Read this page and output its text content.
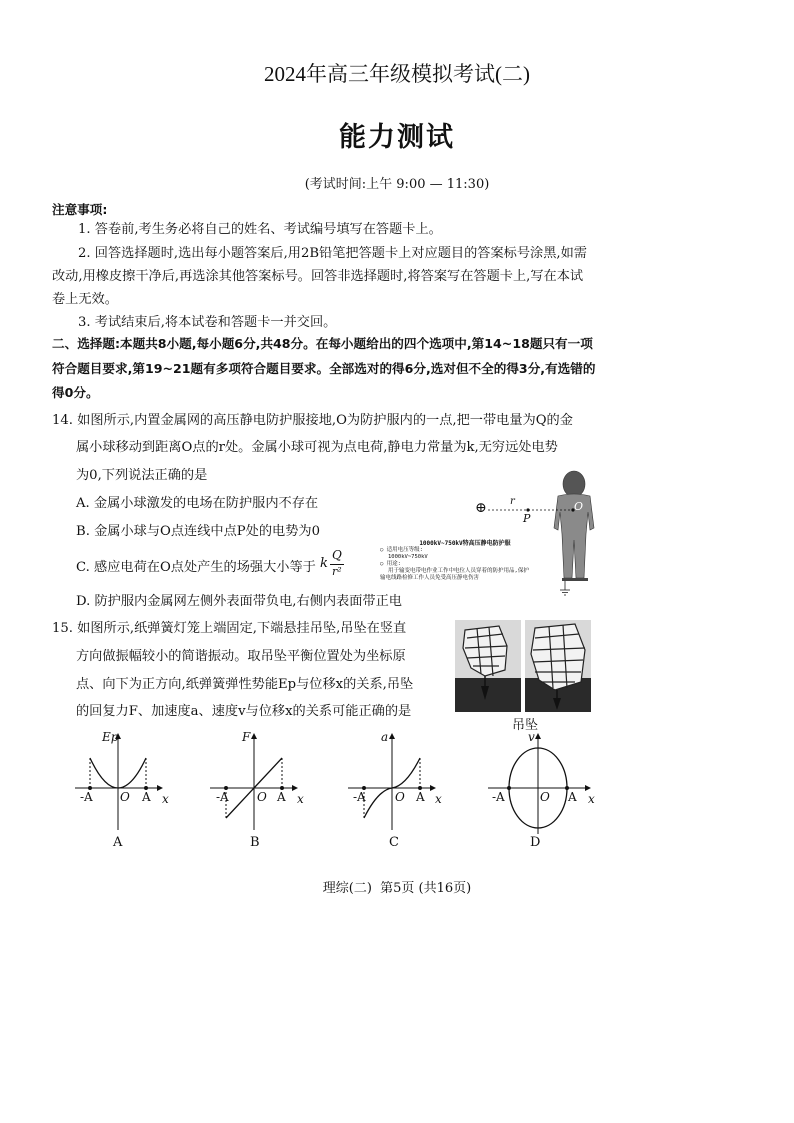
2024年高三年级模拟考试(二)
能力测试
(考试时间:上午 9:00 — 11:30)
注意事项:
1. 答卷前,考生务必将自己的姓名、考试编号填写在答题卡上。
2. 回答选择题时,选出每小题答案后,用2B铅笔把答题卡上对应题目的答案标号涂黑,如需改动,用橡皮擦干净后,再选涂其他答案标号。回答非选择题时,将答案写在答题卡上,写在本试卷上无效。
3. 考试结束后,将本试卷和答题卡一并交回。
二、选择题:本题共8小题,每小题6分,共48分。在每小题给出的四个选项中,第14~18题只有一项符合题目要求,第19~21题有多项符合题目要求。全部选对的得6分,选对但不全的得3分,有选错的得0分。
14. 如图所示,内置金属网的高压静电防护服接地,O为防护服内的一点,把一带电量为Q的金
属小球移动到距离O点的r处。金属小球可视为点电荷,静电力常量为k,无穷远处电势
为0,下列说法正确的是
A. 金属小球激发的电场在防护服内不存在
B. 金属小球与O点连线中点P处的电势为0
C. 感应电荷在O点处产生的场强大小等于 k
Q
r²
D. 防护服内金属网左侧外表面带负电,右侧内表面带正电
⊕ r
P
O
1000kV~750kV特高压静电防护服
○ 适用电压等级:
1000kV~750kV
○ 用途:
用于输变电带电作业工作中电位人员穿着的防护用品,保护
输电线路检修工作人员免受高压静电伤害
15. 如图所示,纸弹簧灯笼上端固定,下端悬挂吊坠,吊坠在竖直
方向做振幅较小的简谐振动。取吊坠平衡位置处为坐标原
点、向下为正方向,纸弹簧弹性势能Ep与位移x的关系,吊坠
的回复力F、加速度a、速度v与位移x的关系可能正确的是
吊坠
Ep
x
-A O A
F
x
-A O A
a
x
-A O A
v
x
-A	O A
A	B	C	D
理综(二)  第5页 (共16页)
